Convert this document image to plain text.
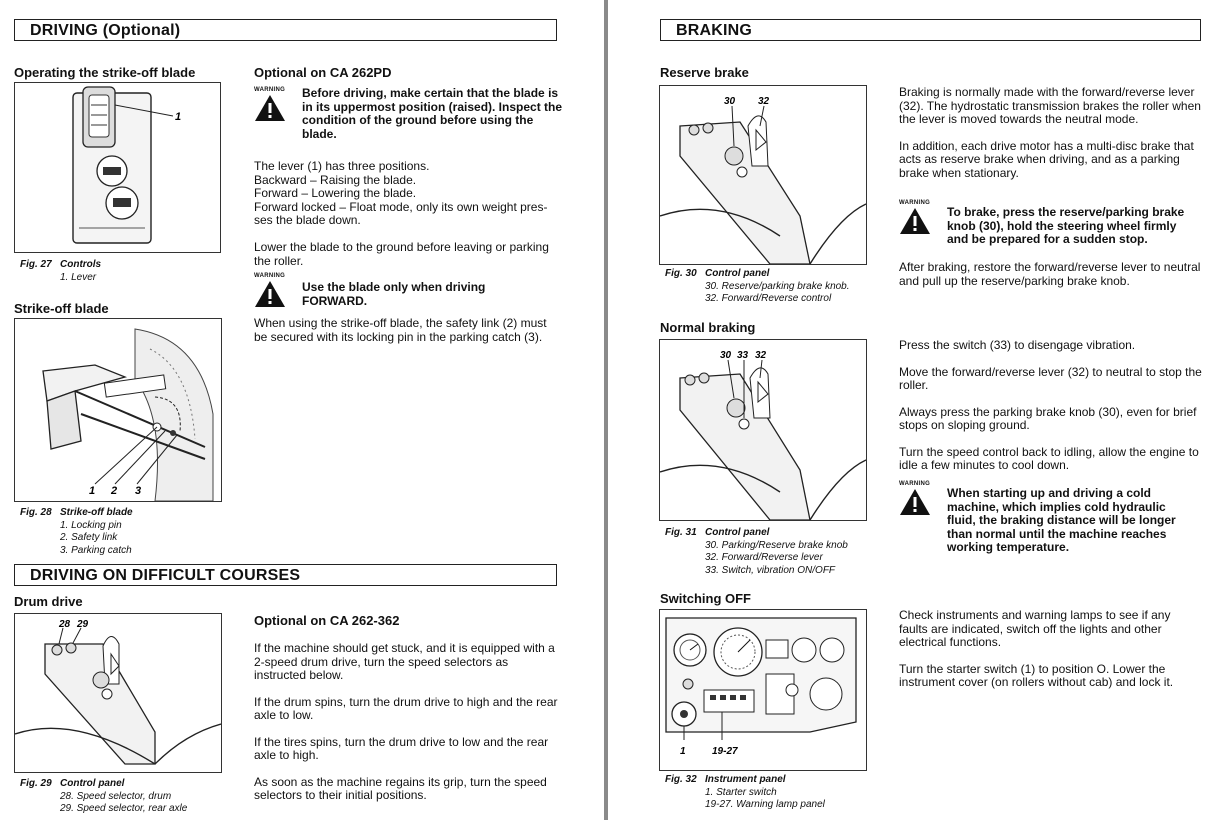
DRIVING (Optional)
Operating the strike-off blade
1
Fig. 27 Controls
1. Lever
Strike-off blade
1 2 3
Fig. 28 Strike-off blade
1. Locking pin
2. Safety link
3. Parking catch
Optional on CA 262PD
WARNING Before driving, make certain that the blade is in its uppermost position (raised). Inspect the condition of the ground before using the blade.
The lever (1) has three positions.
Backward – Raising the blade.
Forward – Lowering the blade.
Forward locked – Float mode, only its own weight pres-ses the blade down.
Lower the blade to the ground before leaving or parking the roller.
WARNING
Use the blade only when driving FORWARD.
When using the strike-off blade, the safety link (2) must be secured with its locking pin in the parking catch (3).
DRIVING ON DIFFICULT COURSES
Drum drive
28 29
Fig. 29 Control panel
28. Speed selector, drum
29. Speed selector, rear axle
Optional on CA 262-362

If the machine should get stuck, and it is equipped with a 2-speed drum drive, turn the speed selectors as instructed below.

If the drum spins, turn the drum drive to high and the rear axle to low.

If the tires spins, turn the drum drive to low and the rear axle to high.

As soon as the machine regains its grip, turn the speed selectors to their initial positions.

BRAKING
Reserve brake
30 32
Fig. 30 Control panel
30. Reserve/parking brake knob.
32. Forward/Reverse control

Braking is normally made with the forward/reverse lever (32). The hydrostatic transmission brakes the roller when the lever is moved towards the neutral mode.

In addition, each drive motor has a multi-disc brake that acts as reserve brake when driving, and as a parking brake when stationary.

WARNING
To brake, press the reserve/parking brake knob (30), hold the steering wheel firmly and be prepared for a sudden stop.
After braking, restore the forward/reverse lever to neutral and pull up the reserve/parking brake knob.
Normal braking
30 33 32
Fig. 31 Control panel
30. Parking/Reserve brake knob
32. Forward/Reverse lever
33. Switch, vibration ON/OFF

Press the switch (33) to disengage vibration.

Move the forward/reverse lever (32) to neutral to stop the roller.

Always press the parking brake knob (30), even for brief stops on sloping ground.

Turn the speed control back to idling, allow the engine to idle a few minutes to cool down.

WARNING
When starting up and driving a cold machine, which implies cold hydraulic fluid, the braking distance will be longer than normal until the machine reaches working temperature.
Switching OFF
1	19-27
Fig. 32 Instrument panel
1. Starter switch
19-27. Warning lamp panel

Check instruments and warning lamps to see if any faults are indicated, switch off the lights and other electrical functions.

Turn the starter switch (1) to position O. Lower the instrument cover (on rollers without cab) and lock it.
